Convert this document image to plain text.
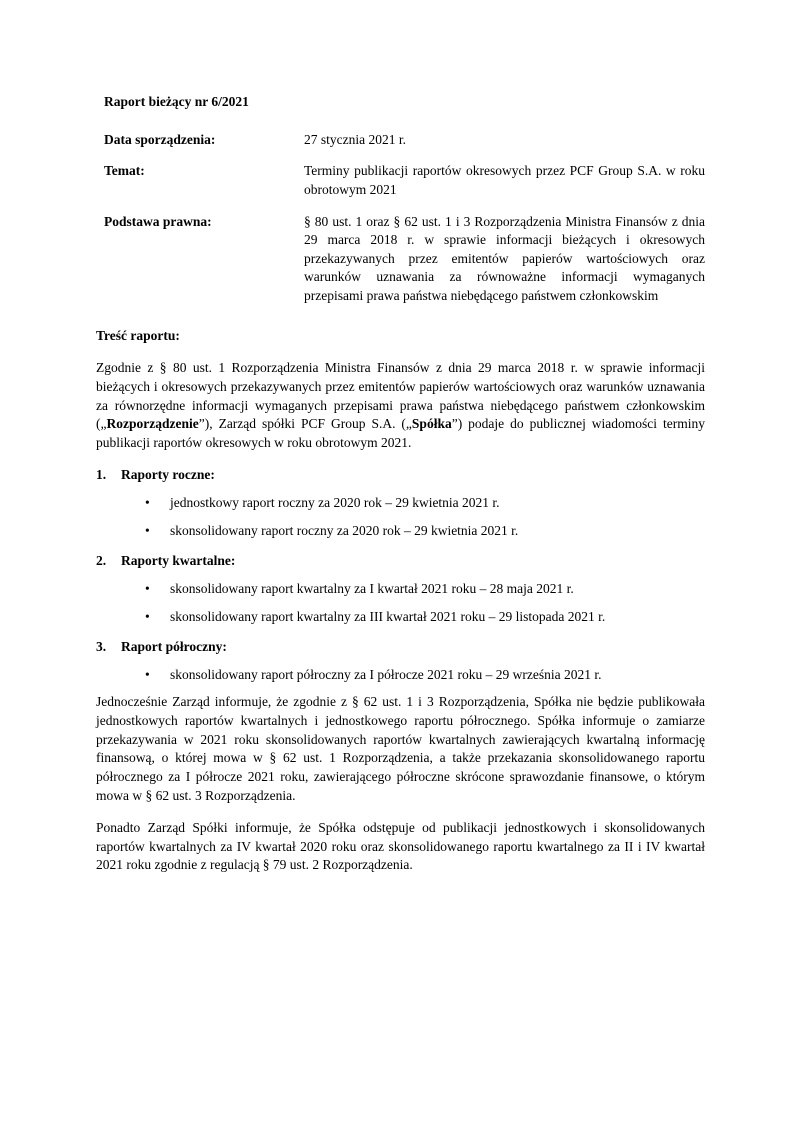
Raport bieżący nr 6/2021
Data sporządzenia:	27 stycznia 2021 r.
Temat:	Terminy publikacji raportów okresowych przez PCF Group S.A. w roku obrotowym 2021
Podstawa prawna:	§ 80 ust. 1 oraz § 62 ust. 1 i 3 Rozporządzenia Ministra Finansów z dnia 29 marca 2018 r. w sprawie informacji bieżących i okresowych przekazywanych przez emitentów papierów wartościowych oraz warunków uznawania za równoważne informacji wymaganych przepisami prawa państwa niebędącego państwem członkowskim
Treść raportu:

Zgodnie z § 80 ust. 1 Rozporządzenia Ministra Finansów z dnia 29 marca 2018 r. w sprawie informacji bieżących i okresowych przekazywanych przez emitentów papierów wartościowych oraz warunków uznawania za równorzędne informacji wymaganych przepisami prawa państwa niebędącego państwem członkowskim („Rozporządzenie”), Zarząd spółki PCF Group S.A. („Spółka”) podaje do publicznej wiadomości terminy publikacji raportów okresowych w roku obrotowym 2021.

1.	Raporty roczne:
•	jednostkowy raport roczny za 2020 rok – 29 kwietnia 2021 r.
•	skonsolidowany raport roczny za 2020 rok – 29 kwietnia 2021 r.
2.	Raporty kwartalne:
•	skonsolidowany raport kwartalny za I kwartał 2021 roku – 28 maja 2021 r.
•	skonsolidowany raport kwartalny za III kwartał 2021 roku – 29 listopada 2021 r.
3.	Raport półroczny:
•	skonsolidowany raport półroczny za I półrocze 2021 roku – 29 września 2021 r.

Jednocześnie Zarząd informuje, że zgodnie z § 62 ust. 1 i 3 Rozporządzenia, Spółka nie będzie publikowała jednostkowych raportów kwartalnych i jednostkowego raportu półrocznego. Spółka informuje o zamiarze przekazywania w 2021 roku skonsolidowanych raportów kwartalnych zawierających kwartalną informację finansową, o której mowa w § 62 ust. 1 Rozporządzenia, a także przekazania skonsolidowanego raportu półrocznego za I półrocze 2021 roku, zawierającego półroczne skrócone sprawozdanie finansowe, o którym mowa w § 62 ust. 3 Rozporządzenia.

Ponadto Zarząd Spółki informuje, że Spółka odstępuje od publikacji jednostkowych i skonsolidowanych raportów kwartalnych za IV kwartał 2020 roku oraz skonsolidowanego raportu kwartalnego za II i IV kwartał 2021 roku zgodnie z regulacją § 79 ust. 2 Rozporządzenia.
